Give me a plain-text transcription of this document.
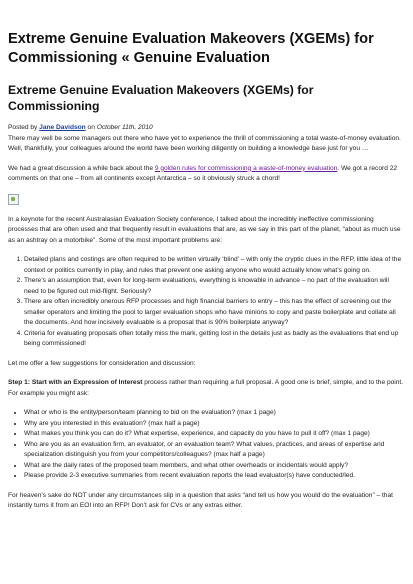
Extreme Genuine Evaluation Makeovers (XGEMs) for Commissioning « Genuine Evaluation
Extreme Genuine Evaluation Makeovers (XGEMs) for Commissioning

Posted by Jane Davidson on October 11th, 2010

There may well be some managers out there who have yet to experience the thrill of commissioning a total waste-of-money evaluation. Well, thankfully, your colleagues around the world have been working diligently on building a knowledge base just for you …

We had a great discussion a while back about the 9 golden rules for commissioning a waste-of-money evaluation. We got a record 22 comments on that one – from all continents except Antarctica – so it obviously struck a chord!

In a keynote for the recent Australasian Evaluation Society conference, I talked about the incredibly ineffective commissioning processes that are often used and that frequently result in evaluations that are, as we say in this part of the planet, “about as much use as an ashtray on a motorbike”. Some of the most important problems are:

1. Detailed plans and costings are often required to be written virtually ‘blind’ – with only the cryptic clues in the RFP, little idea of the context or politics currently in play, and rules that prevent one asking anyone who would actually know what’s going on.
2. There’s an assumption that, even for long-term evaluations, everything is knowable in advance – no part of the evaluation will need to be figured out mid-flight. Seriously?
3. There are often incredibly onerous RFP processes and high financial barriers to entry – this has the effect of screening out the smaller operators and limiting the pool to larger evaluation shops who have minions to copy and paste boilerplate and collate all the documents. And how incisively evaluable is a proposal that is 90% boilerplate anyway?
4. Criteria for evaluating proposals often totally miss the mark, getting lost in the details just as badly as the evaluations that end up being commissioned!

Let me offer a few suggestions for consideration and discussion:

Step 1: Start with an Expression of Interest process rather than requiring a full proposal. A good one is brief, simple, and to the point. For example you might ask:

• What or who is the entity/person/team planning to bid on the evaluation? (max 1 page)
• Why are you interested in this evaluation? (max half a page)
• What makes you think you can do it? What expertise, experience, and capacity do you have to pull it off? (max 1 page)
• Who are you as an evaluation firm, an evaluator, or an evaluation team? What values, practices, and areas of expertise and specialization distinguish you from your competitors/colleagues? (max half a page)
• What are the daily rates of the proposed team members, and what other overheads or incidentals would apply?
• Please provide 2-3 executive summaries from recent evaluation reports the lead evaluator(s) have conducted/led.

For heaven’s sake do NOT under any circumstances slip in a question that asks “and tell us how you would do the evaluation” – that instantly turns it from an EOI into an RFP! Don’t ask for CVs or any extras either.
